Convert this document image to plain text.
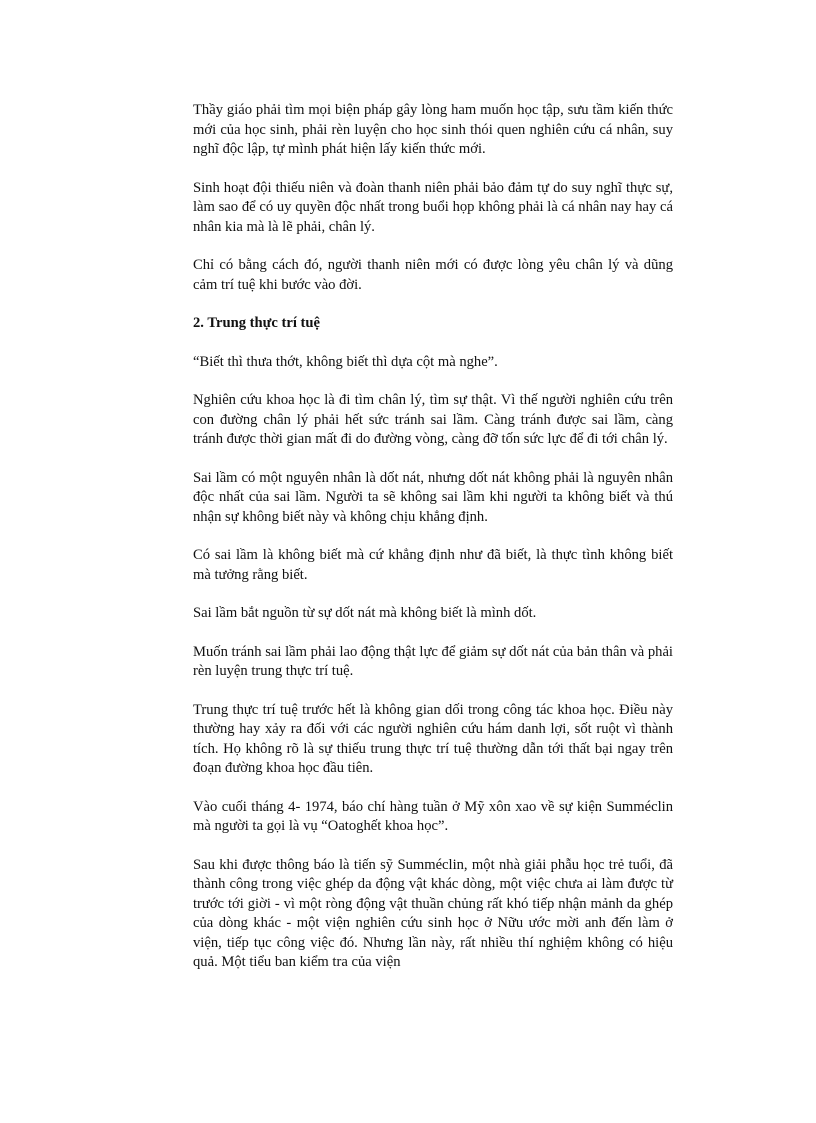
Thầy giáo phải tìm mọi biện pháp gây lòng ham muốn học tập, sưu tầm kiến thức mới của học sinh, phải rèn luyện cho học sinh thói quen nghiên cứu cá nhân, suy nghĩ độc lập, tự mình phát hiện lấy kiến thức mới.

Sinh hoạt đội thiếu niên và đoàn thanh niên phải bảo đảm tự do suy nghĩ thực sự, làm sao để có uy quyền độc nhất trong buổi họp không phải là cá nhân nay hay cá nhân kia mà là lẽ phải, chân lý.

Chỉ có bằng cách đó, người thanh niên mới có được lòng yêu chân lý và dũng cảm trí tuệ khi bước vào đời.

2. Trung thực trí tuệ

“Biết thì thưa thớt, không biết thì dựa cột mà nghe”.

Nghiên cứu khoa học là đi tìm chân lý, tìm sự thật. Vì thế người nghiên cứu trên con đường chân lý phải hết sức tránh sai lầm. Càng tránh được sai lầm, càng tránh được thời gian mất đi do đường vòng, càng đỡ tốn sức lực để đi tới chân lý.

Sai lầm có một nguyên nhân là dốt nát, nhưng dốt nát không phải là nguyên nhân độc nhất của sai lầm. Người ta sẽ không sai lầm khi người ta không biết và thú nhận sự không biết này và không chịu khẳng định.

Có sai lầm là không biết mà cứ khẳng định như đã biết, là thực tình không biết mà tưởng rằng biết.

Sai lầm bắt nguồn từ sự dốt nát mà không biết là mình dốt.

Muốn tránh sai lầm phải lao động thật lực để giảm sự dốt nát của bản thân và phải rèn luyện trung thực trí tuệ.

Trung thực trí tuệ trước hết là không gian dối trong công tác khoa học. Điều này thường hay xảy ra đối với các người nghiên cứu hám danh lợi, sốt ruột vì thành tích. Họ không rõ là sự thiếu trung thực trí tuệ thường dẫn tới thất bại ngay trên đoạn đường khoa học đầu tiên.

Vào cuối tháng 4- 1974, báo chí hàng tuần ở Mỹ xôn xao về sự kiện Summéclin mà người ta gọi là vụ “Oatoghết khoa học”.

Sau khi được thông báo là tiến sỹ Summéclin, một nhà giải phẫu học trẻ tuổi, đã thành công trong việc ghép da động vật khác dòng, một việc chưa ai làm được từ trước tới giời - vì một ròng động vật thuần chủng rất khó tiếp nhận mảnh da ghép của dòng khác - một viện nghiên cứu sinh học ở Nữu ước mời anh đến làm ở viện, tiếp tục công việc đó. Nhưng lần này, rất nhiều thí nghiệm không có hiệu quả. Một tiểu ban kiểm tra của viện
